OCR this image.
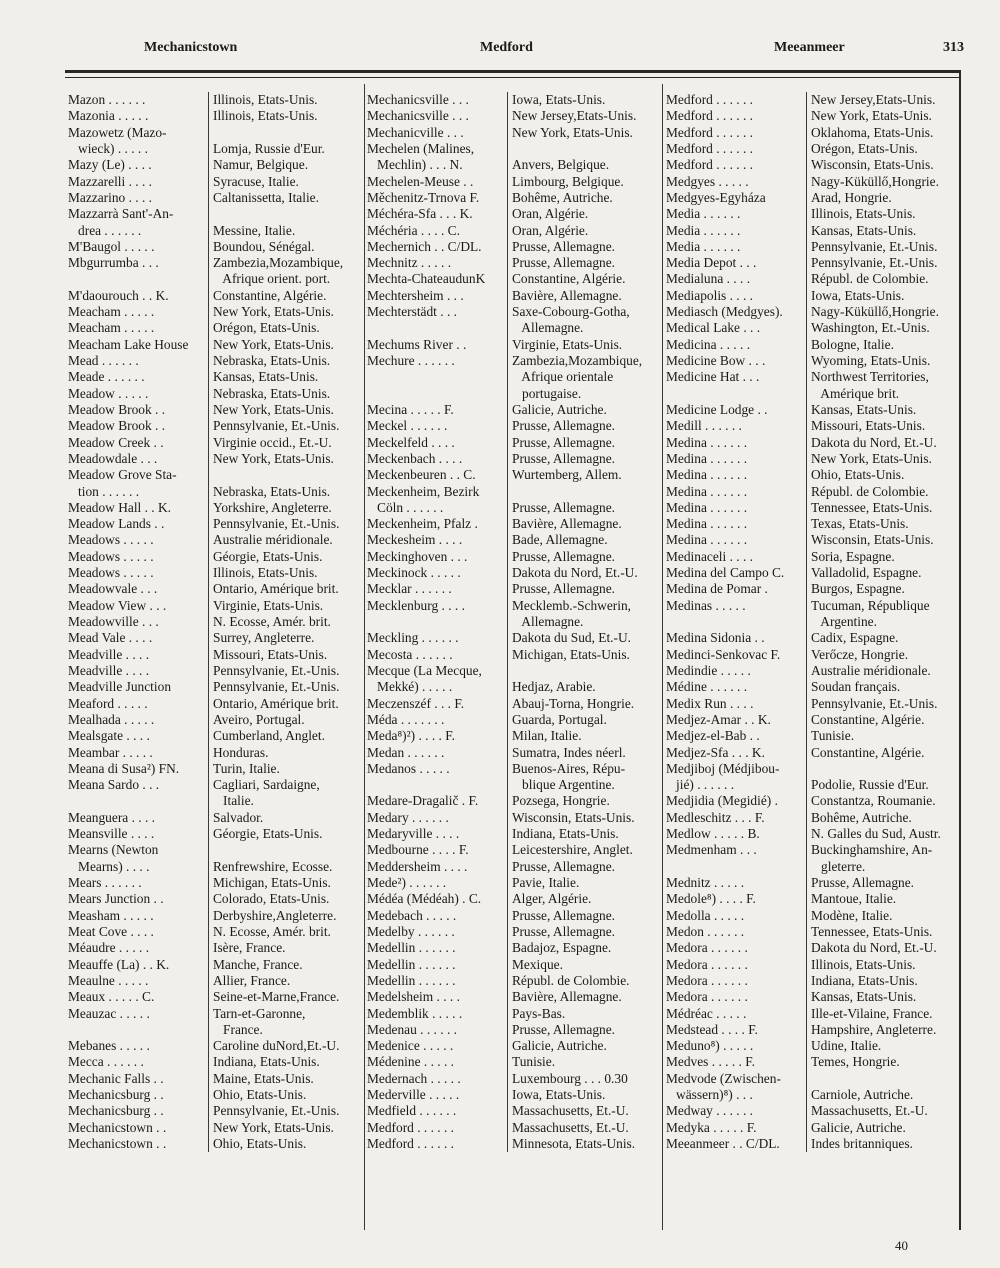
Mechanicstown	Medford	Meeanmeer	313
Mazon . . . . . .	Illinois, Etats-Unis.
Mazonia . . . . .	Illinois, Etats-Unis.
Mazowetz (Mazo-
wieck) . . . . .	Lomja, Russie d'Eur.
Mazy (Le) . . . .	Namur, Belgique.
Mazzarelli . . . .	Syracuse, Italie.
Mazzarino . . . .	Caltanissetta, Italie.
Mazzarrà Sant'-An-
drea . . . . . .	Messine, Italie.
M'Baugol . . . . .	Boundou, Sénégal.
Mbgurrumba . . .	Zambezia,Mozambique,
Afrique orient. port.
M'daourouch . . K.	Constantine, Algérie.
Meacham . . . . .	New York, Etats-Unis.
Meacham . . . . .	Orégon, Etats-Unis.
Meacham Lake House	New York, Etats-Unis.
Mead . . . . . .	Nebraska, Etats-Unis.
Meade . . . . . .	Kansas, Etats-Unis.
Meadow . . . . .	Nebraska, Etats-Unis.
Meadow Brook . .	New York, Etats-Unis.
Meadow Brook . .	Pennsylvanie, Et.-Unis.
Meadow Creek . .	Virginie occid., Et.-U.
Meadowdale . . .	New York, Etats-Unis.
Meadow Grove Sta-
tion . . . . . .	Nebraska, Etats-Unis.
Meadow Hall . . K.	Yorkshire, Angleterre.
Meadow Lands . .	Pennsylvanie, Et.-Unis.
Meadows . . . . .	Australie méridionale.
Meadows . . . . .	Géorgie, Etats-Unis.
Meadows . . . . .	Illinois, Etats-Unis.
Meadowvale . . .	Ontario, Amérique brit.
Meadow View . . .	Virginie, Etats-Unis.
Meadowville . . .	N. Ecosse, Amér. brit.
Mead Vale . . . .	Surrey, Angleterre.
Meadville . . . .	Missouri, Etats-Unis.
Meadville . . . .	Pennsylvanie, Et.-Unis.
Meadville Junction	Pennsylvanie, Et.-Unis.
Meaford . . . . .	Ontario, Amérique brit.
Mealhada . . . . .	Aveiro, Portugal.
Mealsgate . . . .	Cumberland, Anglet.
Meambar . . . . .	Honduras.
Meana di Susa²) FN.	Turin, Italie.
Meana Sardo . . .	Cagliari, Sardaigne,
Italie.
Meanguera . . . .	Salvador.
Meansville . . . .	Géorgie, Etats-Unis.
Mearns (Newton
Mearns) . . . .	Renfrewshire, Ecosse.
Mears . . . . . .	Michigan, Etats-Unis.
Mears Junction . .	Colorado, Etats-Unis.
Measham . . . . .	Derbyshire,Angleterre.
Meat Cove . . . .	N. Ecosse, Amér. brit.
Méaudre . . . . .	Isère, France.
Meauffe (La) . . K.	Manche, France.
Meaulne . . . . .	Allier, France.
Meaux . . . . . C.	Seine-et-Marne,France.
Meauzac . . . . .	Tarn-et-Garonne,
France.
Mebanes . . . . .	Caroline duNord,Et.-U.
Mecca . . . . . .	Indiana, Etats-Unis.
Mechanic Falls . .	Maine, Etats-Unis.
Mechanicsburg . .	Ohio, Etats-Unis.
Mechanicsburg . .	Pennsylvanie, Et.-Unis.
Mechanicstown . .	New York, Etats-Unis.
Mechanicstown . .	Ohio, Etats-Unis.
Mechanicsville . . .	Iowa, Etats-Unis.
Mechanicsville . . .	New Jersey,Etats-Unis.
Mechanicville . . .	New York, Etats-Unis.
Mechelen (Malines,
Mechlin) . . . N.	Anvers, Belgique.
Mechelen-Meuse . .	Limbourg, Belgique.
Měchenitz-Trnova F.	Bohême, Autriche.
Méchéra-Sfa . . . K.	Oran, Algérie.
Méchéria . . . . C.	Oran, Algérie.
Mechernich . . C/DL.	Prusse, Allemagne.
Mechnitz . . . . .	Prusse, Allemagne.
Mechta-ChateaudunK	Constantine, Algérie.
Mechtersheim . . .	Bavière, Allemagne.
Mechterstädt . . .	Saxe-Cobourg-Gotha,
Allemagne.
Mechums River . .	Virginie, Etats-Unis.
Mechure . . . . . .	Zambezia,Mozambique,
Afrique orientale
portugaise.
Mecina . . . . . F.	Galicie, Autriche.
Meckel . . . . . .	Prusse, Allemagne.
Meckelfeld . . . .	Prusse, Allemagne.
Meckenbach . . . .	Prusse, Allemagne.
Meckenbeuren . . C.	Wurtemberg, Allem.
Meckenheim, Bezirk
Cöln . . . . . .	Prusse, Allemagne.
Meckenheim, Pfalz .	Bavière, Allemagne.
Meckesheim . . . .	Bade, Allemagne.
Meckinghoven . . .	Prusse, Allemagne.
Meckinock . . . . .	Dakota du Nord, Et.-U.
Mecklar . . . . . .	Prusse, Allemagne.
Mecklenburg . . . .	Mecklemb.-Schwerin,
Allemagne.
Meckling . . . . . .	Dakota du Sud, Et.-U.
Mecosta . . . . . .	Michigan, Etats-Unis.
Mecque (La Mecque,
Mekké) . . . . .	Hedjaz, Arabie.
Meczenszéf . . . F.	Abauj-Torna, Hongrie.
Méda . . . . . . .	Guarda, Portugal.
Meda⁸)²) . . . . F.	Milan, Italie.
Medan . . . . . .	Sumatra, Indes néerl.
Medanos . . . . .	Buenos-Aires, Répu-
blique Argentine.
Medare-Dragalič . F.	Pozsega, Hongrie.
Medary . . . . . .	Wisconsin, Etats-Unis.
Medaryville . . . .	Indiana, Etats-Unis.
Medbourne . . . . F.	Leicestershire, Anglet.
Meddersheim . . . .	Prusse, Allemagne.
Mede²) . . . . . .	Pavie, Italie.
Médéa (Médéah) . C.	Alger, Algérie.
Medebach . . . . .	Prusse, Allemagne.
Medelby . . . . . .	Prusse, Allemagne.
Medellin . . . . . .	Badajoz, Espagne.
Medellin . . . . . .	Mexique.
Medellin . . . . . .	Républ. de Colombie.
Medelsheim . . . .	Bavière, Allemagne.
Medemblik . . . . .	Pays-Bas.
Medenau . . . . . .	Prusse, Allemagne.
Medenice . . . . .	Galicie, Autriche.
Médenine . . . . .	Tunisie.
Medernach . . . . .	Luxembourg . . . 0.30
Mederville . . . . .	Iowa, Etats-Unis.
Medfield . . . . . .	Massachusetts, Et.-U.
Medford . . . . . .	Massachusetts, Et.-U.
Medford . . . . . .	Minnesota, Etats-Unis.
Medford . . . . . .	New Jersey,Etats-Unis.
Medford . . . . . .	New York, Etats-Unis.
Medford . . . . . .	Oklahoma, Etats-Unis.
Medford . . . . . .	Orégon, Etats-Unis.
Medford . . . . . .	Wisconsin, Etats-Unis.
Medgyes . . . . .	Nagy-Küküllő,Hongrie.
Medgyes-Egyháza	Arad, Hongrie.
Media . . . . . .	Illinois, Etats-Unis.
Media . . . . . .	Kansas, Etats-Unis.
Media . . . . . .	Pennsylvanie, Et.-Unis.
Media Depot . . .	Pennsylvanie, Et.-Unis.
Medialuna . . . .	Républ. de Colombie.
Mediapolis . . . .	Iowa, Etats-Unis.
Mediasch (Medgyes).	Nagy-Küküllő,Hongrie.
Medical Lake . . .	Washington, Et.-Unis.
Medicina . . . . .	Bologne, Italie.
Medicine Bow . . .	Wyoming, Etats-Unis.
Medicine Hat . . .	Northwest Territories,
Amérique brit.
Medicine Lodge . .	Kansas, Etats-Unis.
Medill . . . . . .	Missouri, Etats-Unis.
Medina . . . . . .	Dakota du Nord, Et.-U.
Medina . . . . . .	New York, Etats-Unis.
Medina . . . . . .	Ohio, Etats-Unis.
Medina . . . . . .	Républ. de Colombie.
Medina . . . . . .	Tennessee, Etats-Unis.
Medina . . . . . .	Texas, Etats-Unis.
Medina . . . . . .	Wisconsin, Etats-Unis.
Medinaceli . . . .	Soria, Espagne.
Medina del Campo C.	Valladolid, Espagne.
Medina de Pomar .	Burgos, Espagne.
Medinas . . . . .	Tucuman, République
Argentine.
Medina Sidonia . .	Cadix, Espagne.
Medinci-Senkovac F.	Verőcze, Hongrie.
Medindie . . . . .	Australie méridionale.
Médine . . . . . .	Soudan français.
Medix Run . . . .	Pennsylvanie, Et.-Unis.
Medjez-Amar . . K.	Constantine, Algérie.
Medjez-el-Bab . .	Tunisie.
Medjez-Sfa . . . K.	Constantine, Algérie.
Medjiboj (Médjibou-
jié) . . . . . .	Podolie, Russie d'Eur.
Medjidia (Megidié) .	Constantza, Roumanie.
Medleschitz . . . F.	Bohême, Autriche.
Medlow . . . . . B.	N. Galles du Sud, Austr.
Medmenham . . .	Buckinghamshire, An-
gleterre.
Mednitz . . . . .	Prusse, Allemagne.
Medole⁸) . . . . F.	Mantoue, Italie.
Medolla . . . . .	Modène, Italie.
Medon . . . . . .	Tennessee, Etats-Unis.
Medora . . . . . .	Dakota du Nord, Et.-U.
Medora . . . . . .	Illinois, Etats-Unis.
Medora . . . . . .	Indiana, Etats-Unis.
Medora . . . . . .	Kansas, Etats-Unis.
Médréac . . . . .	Ille-et-Vilaine, France.
Medstead . . . . F.	Hampshire, Angleterre.
Meduno⁸) . . . . .	Udine, Italie.
Medves . . . . . F.	Temes, Hongrie.
Medvode (Zwischen-
wässern)⁸) . . .	Carniole, Autriche.
Medway . . . . . .	Massachusetts, Et.-U.
Medyka . . . . . F.	Galicie, Autriche.
Meeanmeer . . C/DL.	Indes britanniques.
40
